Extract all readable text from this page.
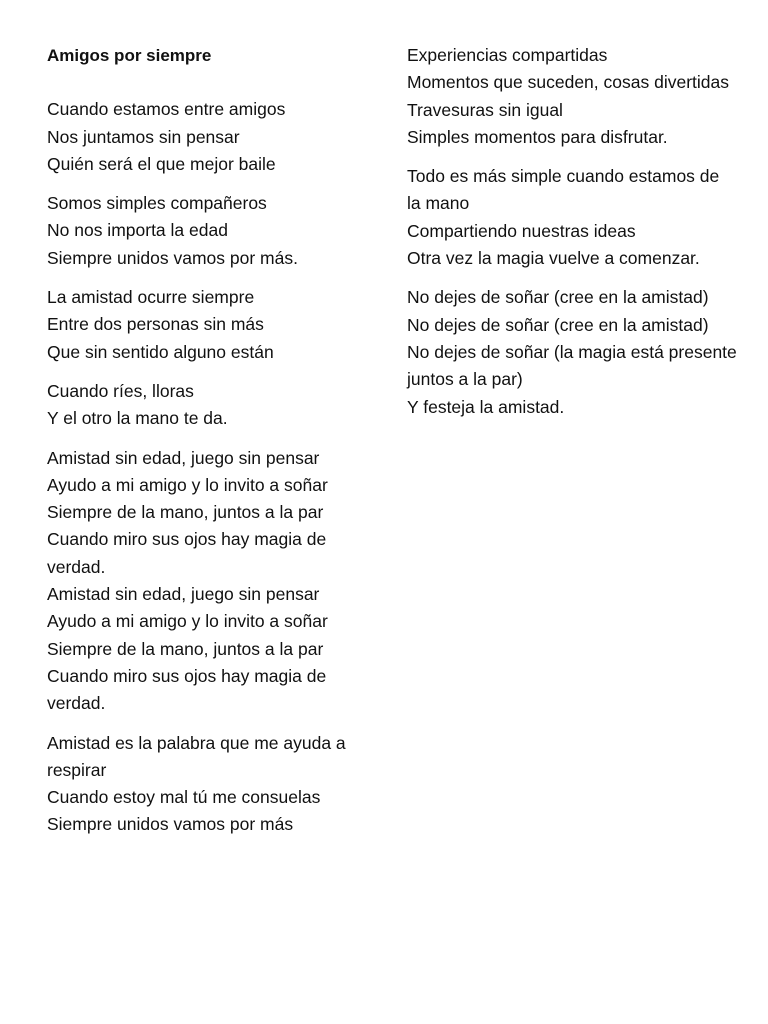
Amigos por siempre
Cuando estamos entre amigos
Nos juntamos sin pensar
Quién será el que mejor baile
Somos simples compañeros
No nos importa la edad
Siempre unidos vamos por más.
La amistad ocurre siempre
Entre dos personas sin más
Que sin sentido alguno están
Cuando ríes, lloras
Y el otro la mano te da.
Amistad sin edad, juego sin pensar
Ayudo a mi amigo y lo invito a soñar
Siempre de la mano, juntos a la par
Cuando miro sus ojos hay magia de verdad.
Amistad sin edad, juego sin pensar
Ayudo a mi amigo y lo invito a soñar
Siempre de la mano, juntos a la par
Cuando miro sus ojos hay magia de verdad.
Amistad es la palabra que me ayuda a respirar
Cuando estoy mal tú me consuelas
Siempre unidos vamos por más
Experiencias compartidas
Momentos que suceden, cosas divertidas
Travesuras sin igual
Simples momentos para disfrutar.
Todo es más simple cuando estamos de la mano
Compartiendo nuestras ideas
Otra vez la magia vuelve a comenzar.
No dejes de soñar (cree en la amistad)
No dejes de soñar (cree en la amistad)
No dejes de soñar (la magia está presente juntos a la par)
Y festeja la amistad.
